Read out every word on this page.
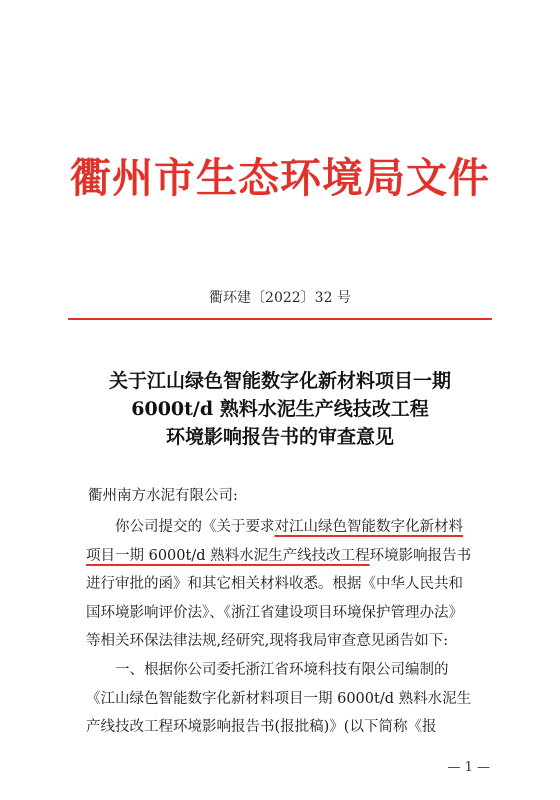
衢州市生态环境局文件
衢环建〔2022〕32 号
关于江山绿色智能数字化新材料项目一期
6000t/d 熟料水泥生产线技改工程
环境影响报告书的审查意见
衢州南方水泥有限公司:
你公司提交的《关于要求对江山绿色智能数字化新材料
项目一期 6000t/d 熟料水泥生产线技改工程环境影响报告书
进行审批的函》和其它相关材料收悉。根据《中华人民共和
国环境影响评价法》、《浙江省建设项目环境保护管理办法》
等相关环保法律法规,经研究,现将我局审查意见函告如下:
一、根据你公司委托浙江省环境科技有限公司编制的
《江山绿色智能数字化新材料项目一期 6000t/d 熟料水泥生
产线技改工程环境影响报告书(报批稿)》(以下简称《报
— 1 —
